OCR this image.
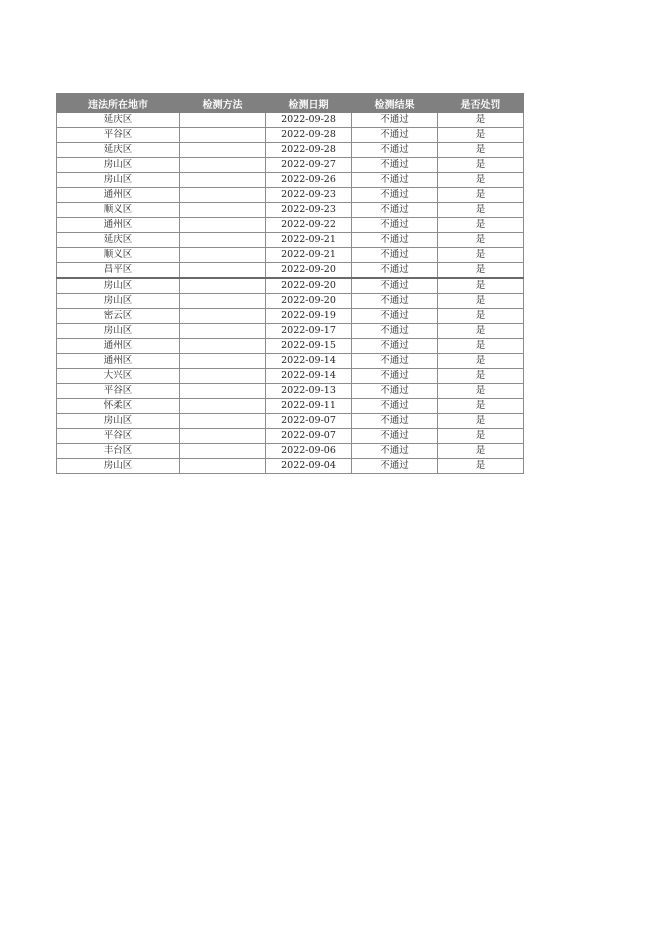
违法所在地市	检测方法	检测日期	检测结果	是否处罚
延庆区		2022-09-28	不通过	是
平谷区		2022-09-28	不通过	是
延庆区		2022-09-28	不通过	是
房山区		2022-09-27	不通过	是
房山区		2022-09-26	不通过	是
通州区		2022-09-23	不通过	是
顺义区		2022-09-23	不通过	是
通州区		2022-09-22	不通过	是
延庆区		2022-09-21	不通过	是
顺义区		2022-09-21	不通过	是
昌平区		2022-09-20	不通过	是
房山区		2022-09-20	不通过	是
房山区		2022-09-20	不通过	是
密云区		2022-09-19	不通过	是
房山区		2022-09-17	不通过	是
通州区		2022-09-15	不通过	是
通州区		2022-09-14	不通过	是
大兴区		2022-09-14	不通过	是
平谷区		2022-09-13	不通过	是
怀柔区		2022-09-11	不通过	是
房山区		2022-09-07	不通过	是
平谷区		2022-09-07	不通过	是
丰台区		2022-09-06	不通过	是
房山区		2022-09-04	不通过	是
